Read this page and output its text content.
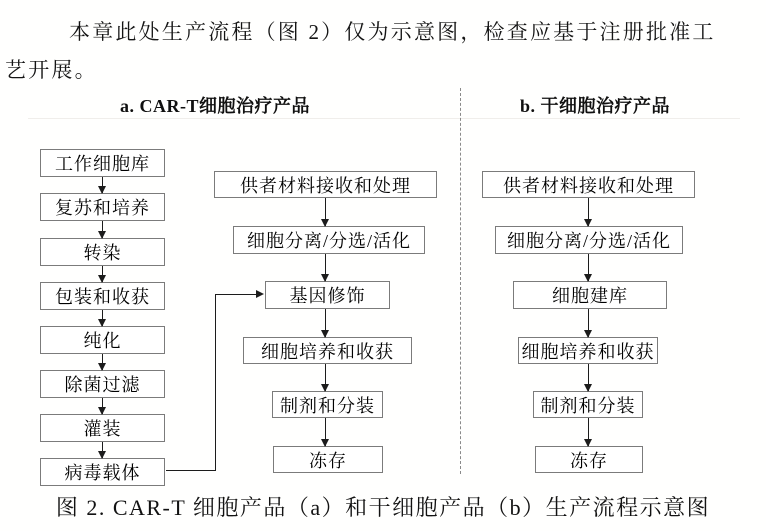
本章此处生产流程（图 2）仅为示意图，检查应基于注册批准工
艺开展。
a. CAR-T细胞治疗产品	b. 干细胞治疗产品
工作细胞库
复苏和培养
转染
包装和收获
纯化
除菌过滤
灌装
病毒载体
供者材料接收和处理
细胞分离/分选/活化
基因修饰
细胞培养和收获
制剂和分装
冻存
供者材料接收和处理
细胞分离/分选/活化
细胞建库
细胞培养和收获
制剂和分装
冻存
图 2. CAR-T 细胞产品（a）和干细胞产品（b）生产流程示意图
